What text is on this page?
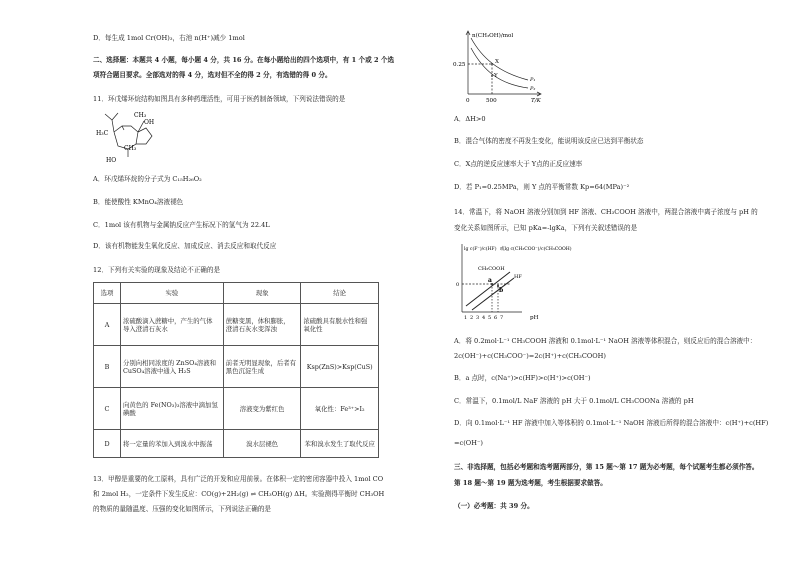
D．每生成 1mol Cr(OH)₃，右池 n(H⁺)减少 1mol
二、选择题：本题共 4 小题，每小题 4 分，共 16 分。在每小题给出的四个选项中，有 1 个或 2 个选
项符合题目要求。全部选对的得 4 分，选对但不全的得 2 分，有选错的得 0 分。
11．环戊烯环烷结构如图具有多种药理活性，可用于医药制备领域，下列说法错误的是
CH₃
OH
H₃C
HO
CH₃
A．环戊烯环烷的分子式为 C₁₅H₂₆O₂
B．能使酸性 KMnO₄溶液褪色
C．1mol 该有机物与金属钠反应产生标况下的氢气为 22.4L
D．该有机物能发生氧化反应、加成反应、消去反应和取代反应
12．下列有关实验的现象及结论不正确的是
选项	实验	现象	结论
A	浓硫酸滴入蔗糖中，产生的气体
导入澄清石灰水	蔗糖变黑，体积膨胀，
澄清石灰水变浑浊	浓硫酸具有脱水性和强
氧化性
B	分别向相同浓度的 ZnSO₄溶液和
CuSO₄溶液中通入 H₂S	前者无明显现象，后者有
黑色沉淀生成	Ksp(ZnS)>Ksp(CuS)
C	向黄色的 Fe(NO₃)₃溶液中滴加氢
碘酸	溶液变为紫红色	氧化性：Fe³⁺>I₂
D	将一定量的苯加入到溴水中振荡	溴水层褪色	苯和溴水发生了取代反应
13．甲醇是重要的化工原料，具有广泛的开发和应用前景。在体积一定的密闭容器中投入 1mol CO
和 2mol H₂，一定条件下发生反应：CO(g)+2H₂(g) ⇌ CH₃OH(g) ΔH。实验测得平衡时 CH₃OH
的物质的量随温度、压强的变化如图所示，下列说法正确的是
n(CH₃OH)/mol
0.25
0	500	T/K
X
Y
P₁
P₂
A．ΔH>0
B．混合气体的密度不再发生变化，能说明该反应已达到平衡状态
C．X点的逆反应速率大于 Y点的正反应速率
D．若 P₁=0.25MPa，则 Y 点的平衡常数 Kp=64(MPa)⁻²
14．常温下，将 NaOH 溶液分别加到 HF 溶液、CH₃COOH 溶液中，两混合溶液中离子浓度与 pH 的
变化关系如图所示，已知 pKa=-lgKa，下列有关叙述错误的是
lg c(F⁻)/c(HF) 或lg c(CH₃COO⁻)/c(CH₃COOH)
0
CH₃COOH
HF
a
b
1 2 3 4 5 6 7	pH
A．将 0.2mol·L⁻¹ CH₃COOH 溶液和 0.1mol·L⁻¹ NaOH 溶液等体积混合，则反应后的混合溶液中：
2c(OH⁻)+c(CH₃COO⁻)=2c(H⁺)+c(CH₃COOH)
B．a 点时，c(Na⁺)>c(HF)>c(H⁺)>c(OH⁻)
C．常温下，0.1mol/L NaF 溶液的 pH 大于 0.1mol/L CH₃COONa 溶液的 pH
D．向 0.1mol·L⁻¹ HF 溶液中加入等体积的 0.1mol·L⁻¹ NaOH 溶液后所得的混合溶液中：c(H⁺)+c(HF)
=c(OH⁻)
三、非选择题，包括必考题和选考题两部分，第 15 题～第 17 题为必考题，每个试题考生都必须作答。
第 18 题～第 19 题为选考题，考生根据要求做答。
（一）必考题：共 39 分。
